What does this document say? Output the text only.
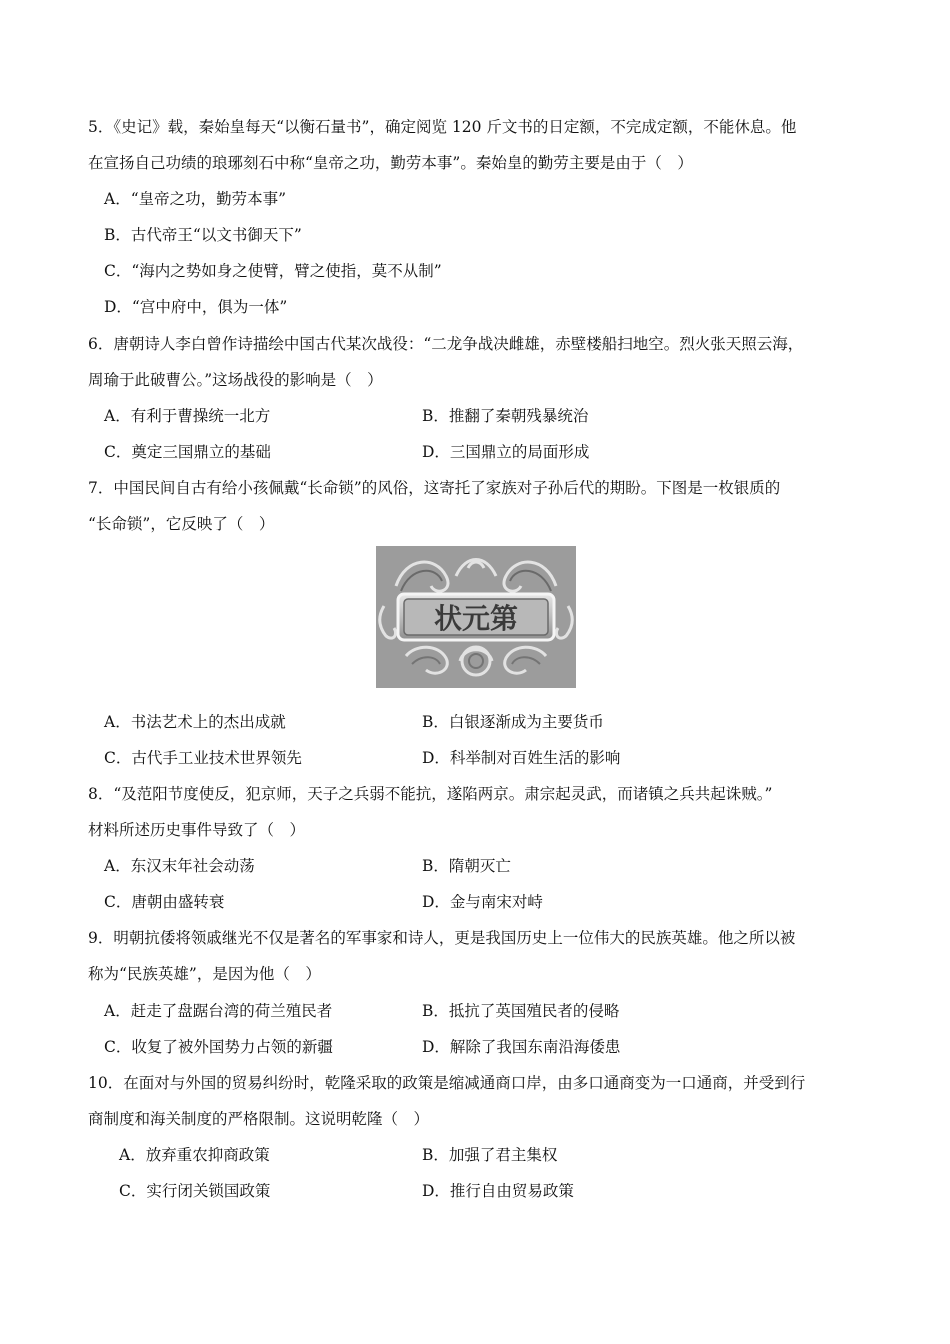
5．《史记》载，秦始皇每天“以衡石量书”，确定阅览 120 斤文书的日定额，不完成定额，不能休息。他
在宣扬自己功绩的琅琊刻石中称“皇帝之功，勤劳本事”。秦始皇的勤劳主要是由于（　）
A．“皇帝之功，勤劳本事”
B．古代帝王“以文书御天下”
C．“海内之势如身之使臂，臂之使指，莫不从制”
D．“宫中府中，俱为一体”
6．唐朝诗人李白曾作诗描绘中国古代某次战役：“二龙争战决雌雄，赤壁楼船扫地空。烈火张天照云海，
周瑜于此破曹公。”这场战役的影响是（　）
A．有利于曹操统一北方	B．推翻了秦朝残暴统治
C．奠定三国鼎立的基础	D．三国鼎立的局面形成
7．中国民间自古有给小孩佩戴“长命锁”的风俗，这寄托了家族对子孙后代的期盼。下图是一枚银质的
“长命锁”，它反映了（　）
状元第
A．书法艺术上的杰出成就	B．白银逐渐成为主要货币
C．古代手工业技术世界领先	D．科举制对百姓生活的影响
8．“及范阳节度使反，犯京师，天子之兵弱不能抗，遂陷两京。肃宗起灵武，而诸镇之兵共起诛贼。”
材料所述历史事件导致了（　）
A．东汉末年社会动荡	B．隋朝灭亡
C．唐朝由盛转衰	D．金与南宋对峙
9．明朝抗倭将领戚继光不仅是著名的军事家和诗人，更是我国历史上一位伟大的民族英雄。他之所以被
称为“民族英雄”，是因为他（　）
A．赶走了盘踞台湾的荷兰殖民者	B．抵抗了英国殖民者的侵略
C．收复了被外国势力占领的新疆	D．解除了我国东南沿海倭患
10．在面对与外国的贸易纠纷时，乾隆采取的政策是缩减通商口岸，由多口通商变为一口通商，并受到行
商制度和海关制度的严格限制。这说明乾隆（　）
A．放弃重农抑商政策	B．加强了君主集权
C．实行闭关锁国政策	D．推行自由贸易政策
